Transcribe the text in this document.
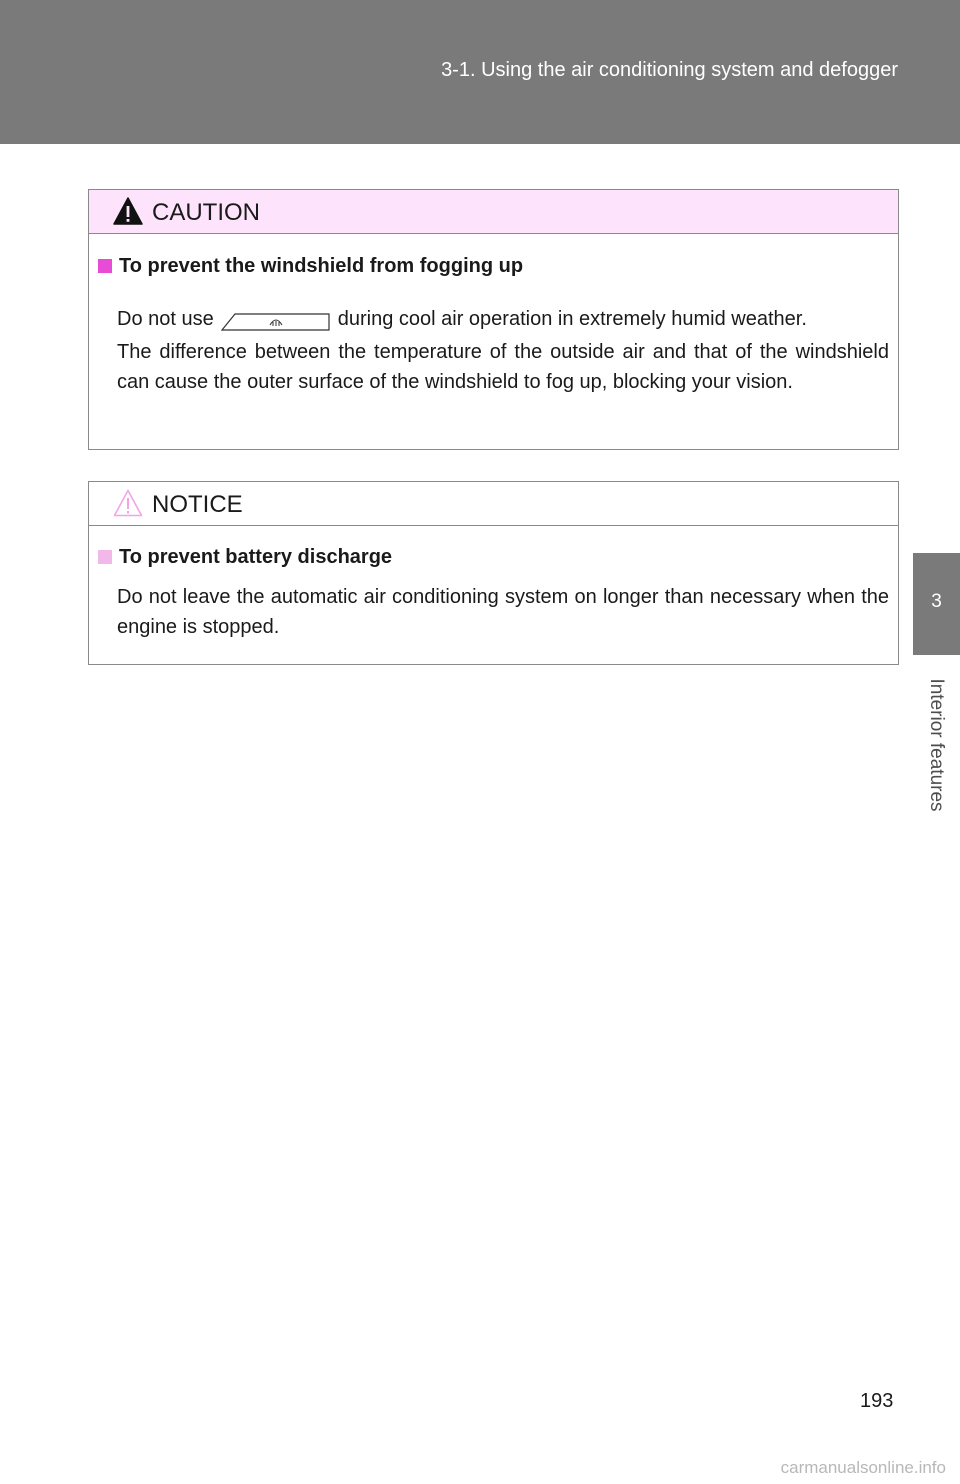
3-1. Using the air conditioning system and defogger
3
Interior features
CAUTION
To prevent the windshield from fogging up
Do not use	during cool air operation in extremely humid weather.
The difference between the temperature of the outside air and that of the windshield can cause the outer surface of the windshield to fog up, blocking your vision.
NOTICE
To prevent battery discharge
Do not leave the automatic air conditioning system on longer than necessary when the engine is stopped.
193
carmanualsonline.info
